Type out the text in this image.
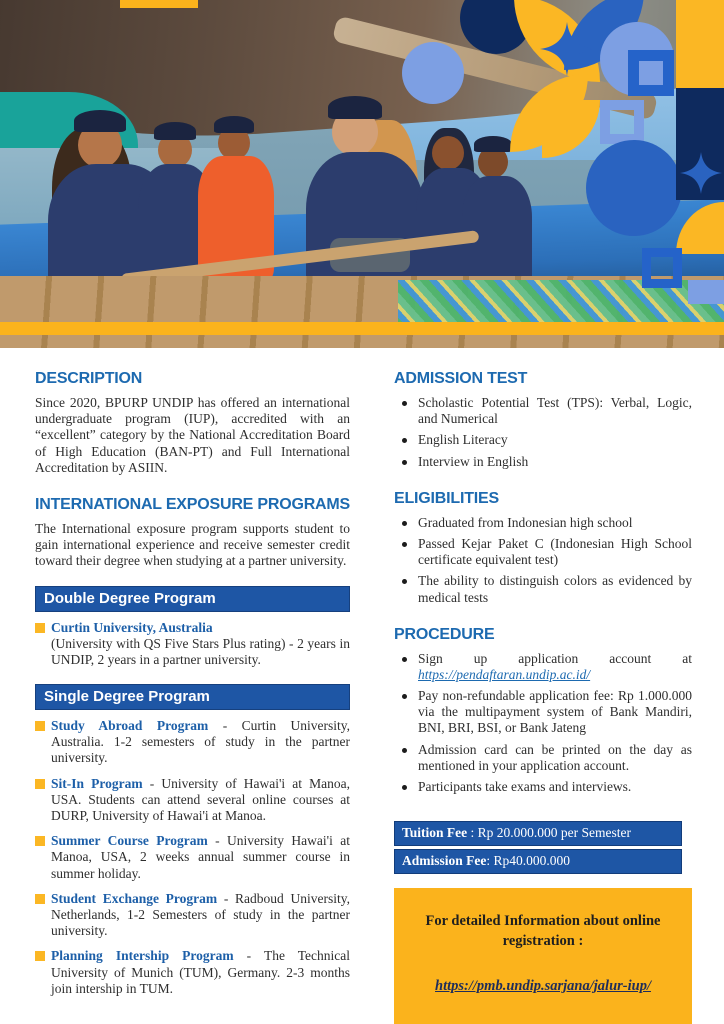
DESCRIPTION

Since 2020, BPURP UNDIP has offered an international undergraduate program (IUP), accredited with an “excellent” category by the National Accreditation Board of High Education (BAN-PT) and Full International Accreditation by ASIIN.

INTERNATIONAL EXPOSURE PROGRAMS

The International exposure program supports student to gain international experience and receive semester credit toward their degree when studying at a partner university.

Double Degree Program

Curtin University, Australia
(University with QS Five Stars Plus rating) - 2 years in UNDIP, 2 years in a partner university.

Single Degree Program

Study Abroad Program - Curtin University, Australia. 1-2 semesters of study in the partner university.

Sit-In Program - University of Hawai'i at Manoa, USA. Students can attend several online courses at DURP, University of Hawai'i at Manoa.

Summer Course Program - University Hawai'i at Manoa, USA, 2 weeks annual summer course in summer holiday.

Student Exchange Program - Radboud University, Netherlands, 1-2 Semesters of study in the partner university.

Planning Intership Program - The Technical University of Munich (TUM), Germany. 2-3 months join intership in TUM.

ADMISSION TEST
Scholastic Potential Test (TPS): Verbal, Logic, and Numerical
English Literacy
Interview in English
ELIGIBILITIES
Graduated from Indonesian high school
Passed Kejar Paket C (Indonesian High School certificate equivalent test)
The ability to distinguish colors as evidenced by medical tests
PROCEDURE
Sign up application account at https://pendaftaran.undip.ac.id/
Pay non-refundable application fee: Rp 1.000.000 via the multipayment system of Bank Mandiri, BNI, BRI, BSI, or Bank Jateng
Admission card can be printed on the day as mentioned in your application account.
Participants take exams and interviews.
Tuition Fee : Rp 20.000.000 per Semester
Admission Fee: Rp40.000.000

For detailed Information about online registration :

https://pmb.undip.sarjana/jalur-iup/
